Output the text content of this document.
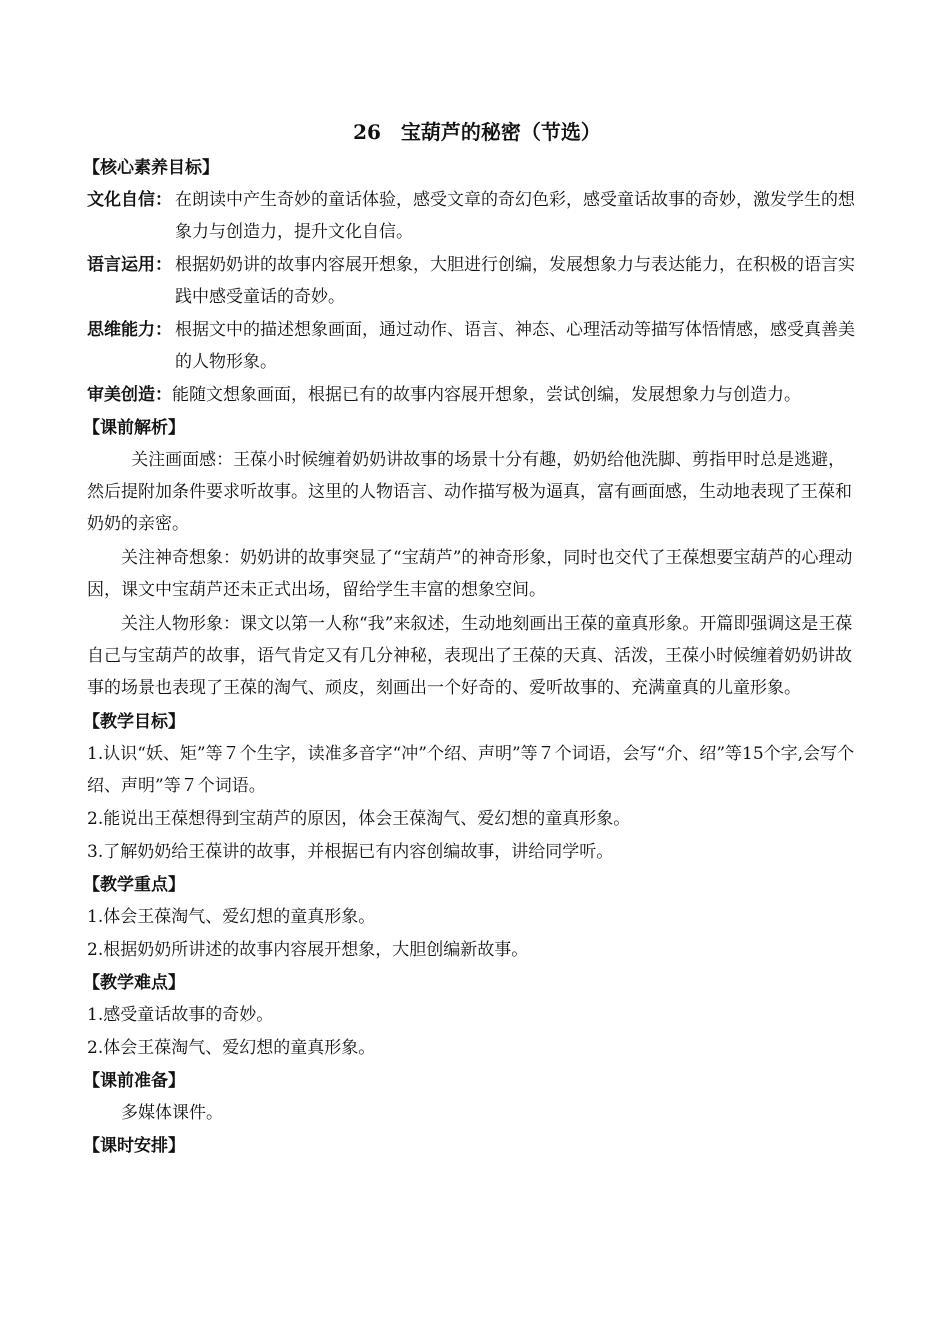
26　宝葫芦的秘密（节选）
【核心素养目标】
文化自信： 在朗读中产生奇妙的童话体验，感受文章的奇幻色彩，感受童话故事的奇妙，激发学生的想象力与创造力，提升文化自信。
语言运用： 根据奶奶讲的故事内容展开想象，大胆进行创编，发展想象力与表达能力，在积极的语言实践中感受童话的奇妙。
思维能力： 根据文中的描述想象画面，通过动作、语言、神态、心理活动等描写体悟情感，感受真善美的人物形象。
审美创造：能随文想象画面，根据已有的故事内容展开想象，尝试创编，发展想象力与创造力。
【课前解析】

关注画面感：王葆小时候缠着奶奶讲故事的场景十分有趣，奶奶给他洗脚、剪指甲时总是逃避，然后提附加条件要求听故事。这里的人物语言、动作描写极为逼真，富有画面感，生动地表现了王葆和奶奶的亲密。

关注神奇想象：奶奶讲的故事突显了“宝葫芦”的神奇形象，同时也交代了王葆想要宝葫芦的心理动因，课文中宝葫芦还未正式出场，留给学生丰富的想象空间。

关注人物形象：课文以第一人称“我”来叙述，生动地刻画出王葆的童真形象。开篇即强调这是王葆自己与宝葫芦的故事，语气肯定又有几分神秘，表现出了王葆的天真、活泼，王葆小时候缠着奶奶讲故事的场景也表现了王葆的淘气、顽皮，刻画出一个好奇的、爱听故事的、充满童真的儿童形象。

【教学目标】

1.认识“妖、矩”等７个生字，读准多音字“冲”个绍、声明”等７个词语，会写“介、绍”等15个字,会写个绍、声明”等７个词语。

2.能说出王葆想得到宝葫芦的原因，体会王葆淘气、爱幻想的童真形象。

3.了解奶奶给王葆讲的故事，并根据已有内容创编故事，讲给同学听。

【教学重点】

1.体会王葆淘气、爱幻想的童真形象。

2.根据奶奶所讲述的故事内容展开想象，大胆创编新故事。

【教学难点】

1.感受童话故事的奇妙。

2.体会王葆淘气、爱幻想的童真形象。

【课前准备】

多媒体课件。

【课时安排】
